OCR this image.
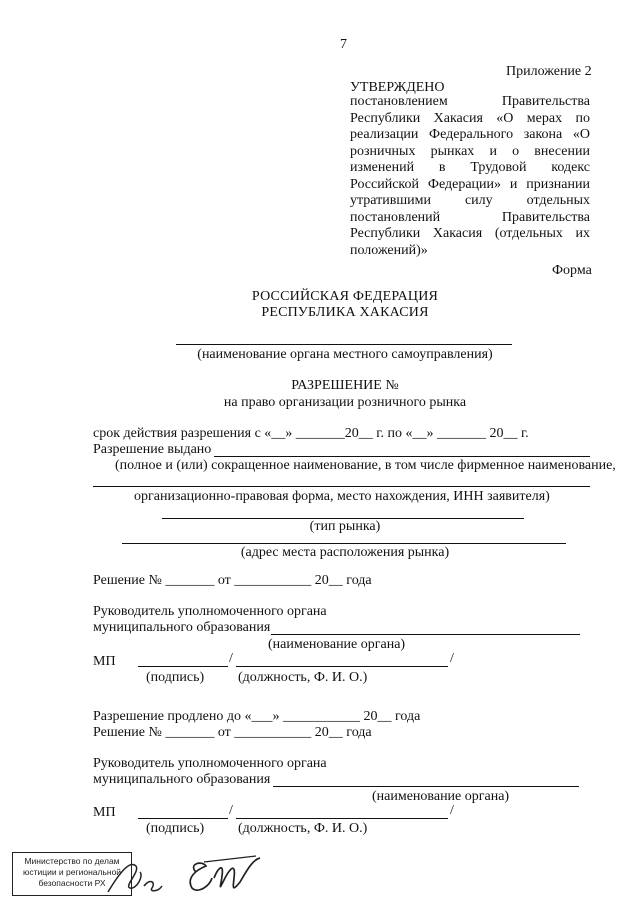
7
Приложение 2
УТВЕРЖДЕНО
постановлением Правительства Республики Хакасия «О мерах по реализации Федерального закона «О розничных рынках и о внесении изменений в Трудовой кодекс Российской Федерации» и признании утратившими силу отдельных постановлений Правительства Республики Хакасия (отдельных их положений)»
Форма
РОССИЙСКАЯ ФЕДЕРАЦИЯ
РЕСПУБЛИКА ХАКАСИЯ
(наименование органа местного самоуправления)
РАЗРЕШЕНИЕ №
на право организации розничного рынка
срок действия разрешения с «__» _______20__ г. по «__» _______ 20__ г.
Разрешение выдано
(полное и (или) сокращенное наименование, в том числе фирменное наименование,
организационно-правовая форма, место нахождения, ИНН заявителя)
(тип рынка)
(адрес места расположения рынка)
Решение № _______ от ___________ 20__ года
Руководитель уполномоченного органа
муниципального образования
(наименование органа)
МП	/	/
(подпись) (должность, Ф. И. О.)
Разрешение продлено до «___» ___________ 20__ года
Решение № _______ от ___________ 20__ года
Руководитель уполномоченного органа
муниципального образования
(наименование органа)
МП	/	/
(подпись) (должность, Ф. И. О.)
Министерство по делам
юстиции и региональной
безопасности РХ
